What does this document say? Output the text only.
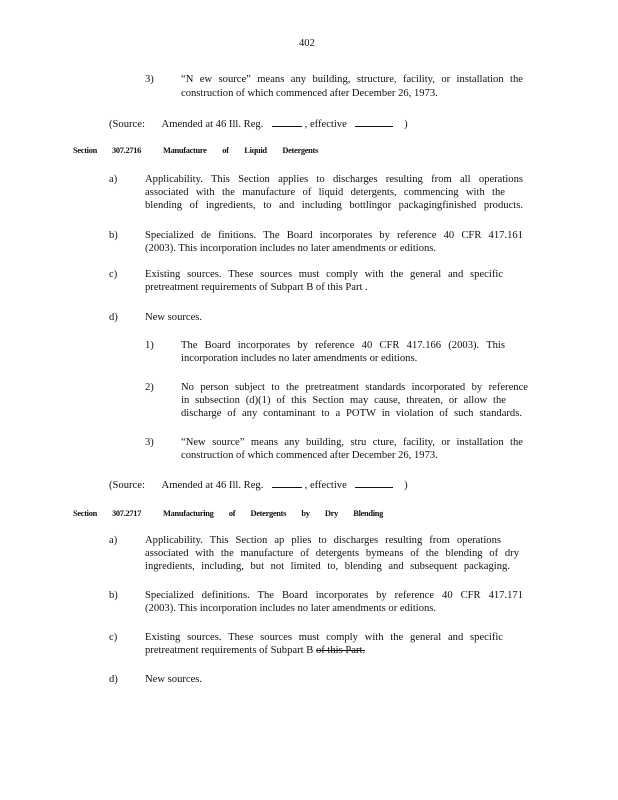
402
3)	“N ew source” means any building, structure, facility, or installation the
construction of which commenced after December 26, 1973.
(Source: Amended at 46 Ill. Reg.	, effective	)
Section 307.2716	Manufacture of Liquid Detergents
a)	Applicability. This Section applies to discharges resulting from all operations
associated with the manufacture of liquid detergents, commencing with the
blending of ingredients, to and including bottlingor packagingfinished products.
b)	Specialized de finitions. The Board incorporates by reference 40 CFR 417.161
(2003). This incorporation includes no later amendments or editions.
c)	Existing sources. These sources must comply with the general and specific
pretreatment requirements of Subpart B of this Part .
d)	New sources.
1)	The Board incorporates by reference 40 CFR 417.166 (2003). This
incorporation includes no later amendments or editions.
2)	No person subject to the pretreatment standards incorporated by reference
in subsection (d)(1) of this Section may cause, threaten, or allow the
discharge of any contaminant to a POTW in violation of such standards.
3)	“New source” means any building, stru cture, facility, or installation the
construction of which commenced after December 26, 1973.
(Source: Amended at 46 Ill. Reg.	, effective	)
Section 307.2717	Manufacturing of Detergents by Dry Blending
a)	Applicability. This Section ap plies to discharges resulting from operations
associated with the manufacture of detergents bymeans of the blending of dry
ingredients, including, but not limited to, blending and subsequent packaging.
b)	Specialized definitions. The Board incorporates by reference 40 CFR 417.171
(2003). This incorporation includes no later amendments or editions.
c)	Existing sources. These sources must comply with the general and specific
pretreatment requirements of Subpart B of this Part.
d)	New sources.
